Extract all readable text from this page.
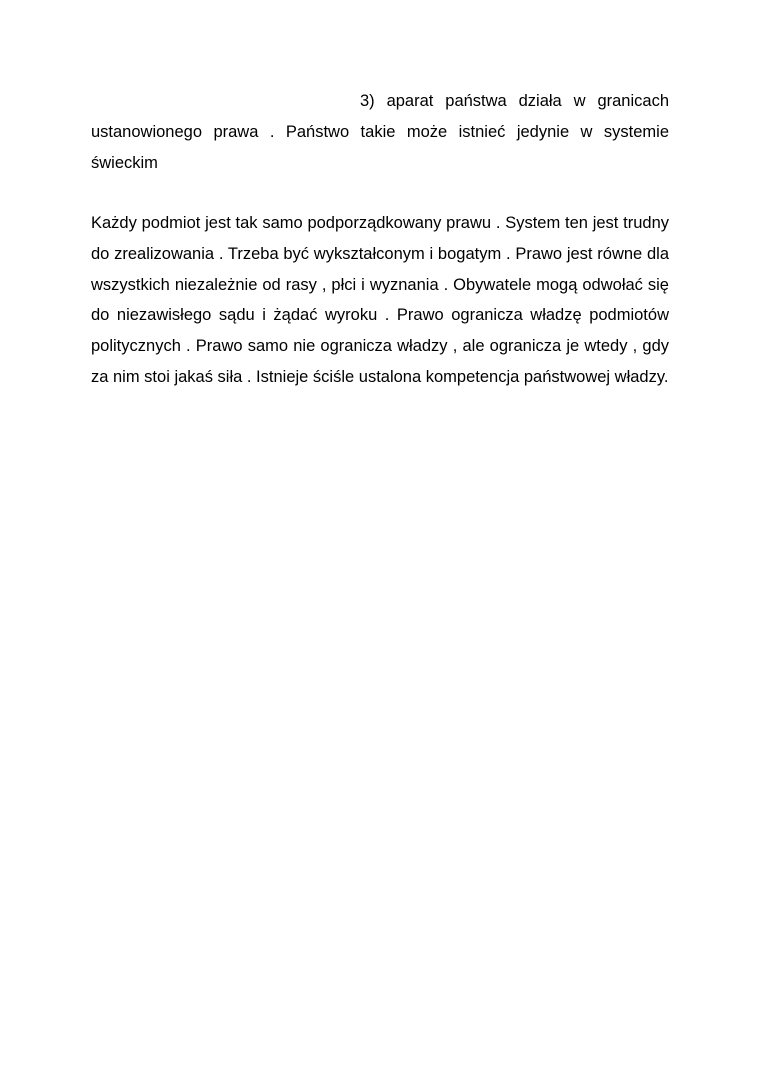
3) aparat państwa działa w granicach ustanowionego prawa . Państwo takie może istnieć jedynie w systemie świeckim

Każdy podmiot jest tak samo podporządkowany prawu . System ten jest trudny do zrealizowania . Trzeba być wykształconym i bogatym . Prawo jest równe dla wszystkich niezależnie od rasy , płci i wyznania . Obywatele mogą odwołać się do niezawisłego sądu i żądać wyroku . Prawo ogranicza władzę podmiotów politycznych . Prawo samo nie ogranicza władzy , ale ogranicza je wtedy , gdy za nim stoi jakaś siła . Istnieje ściśle ustalona kompetencja państwowej władzy.
